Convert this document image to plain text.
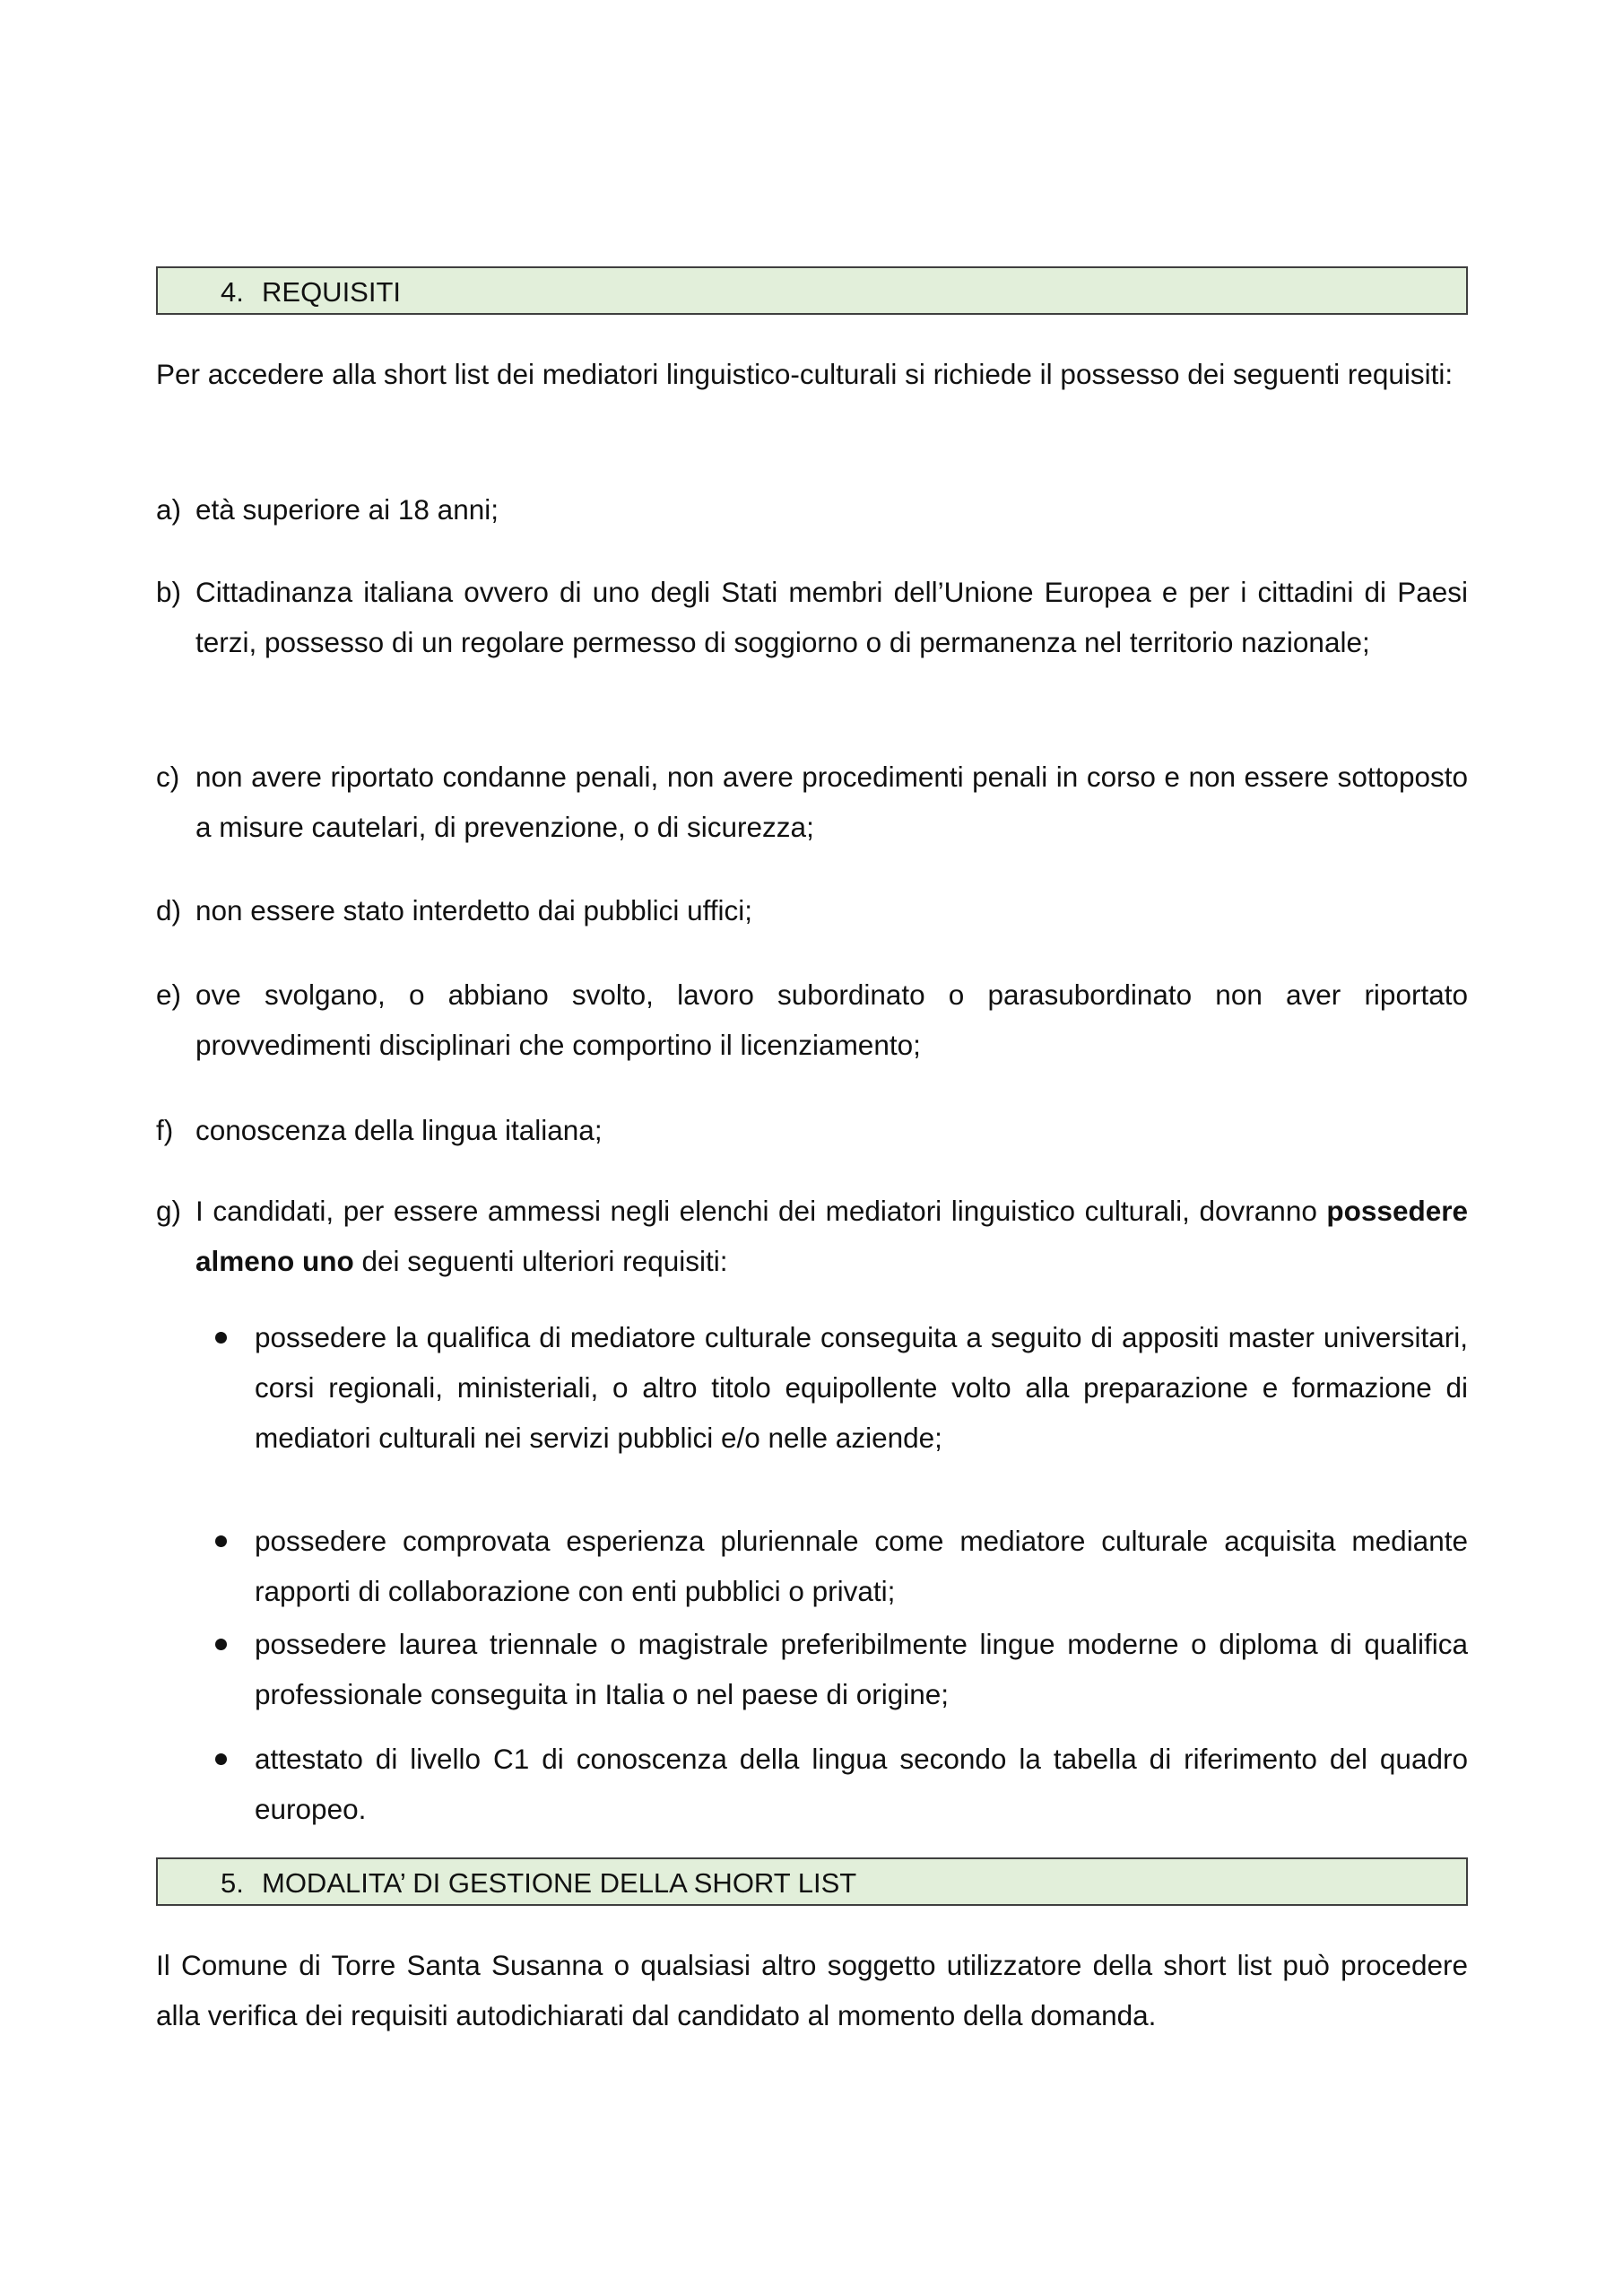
4. REQUISITI
Per accedere alla short list dei mediatori linguistico-culturali si richiede il possesso dei seguenti requisiti:
a) età superiore ai 18 anni;
b) Cittadinanza italiana ovvero di uno degli Stati membri dell’Unione Europea e per i cittadini di Paesi terzi, possesso di un regolare permesso di soggiorno o di permanenza nel territorio nazionale;
c) non avere riportato condanne penali, non avere procedimenti penali in corso e non essere sottoposto a misure cautelari, di prevenzione, o di sicurezza;
d) non essere stato interdetto dai pubblici uffici;
e) ove svolgano, o abbiano svolto, lavoro subordinato o parasubordinato non aver riportato provvedimenti disciplinari che comportino il licenziamento;
f) conoscenza della lingua italiana;
g) I candidati, per essere ammessi negli elenchi dei mediatori linguistico culturali, dovranno possedere almeno uno dei seguenti ulteriori requisiti:
possedere la qualifica di mediatore culturale conseguita a seguito di appositi master universitari, corsi regionali, ministeriali, o altro titolo equipollente volto alla preparazione e formazione di mediatori culturali nei servizi pubblici e/o nelle aziende;
possedere comprovata esperienza pluriennale come mediatore culturale acquisita mediante rapporti di collaborazione con enti pubblici o privati;
possedere laurea triennale o magistrale preferibilmente lingue moderne o diploma di qualifica professionale conseguita in Italia o nel paese di origine;
attestato di livello C1 di conoscenza della lingua secondo la tabella di riferimento del quadro europeo.
5. MODALITA’ DI GESTIONE DELLA SHORT LIST
Il Comune di Torre Santa Susanna o qualsiasi altro soggetto utilizzatore della short list può procedere alla verifica dei requisiti autodichiarati dal candidato al momento della domanda.
